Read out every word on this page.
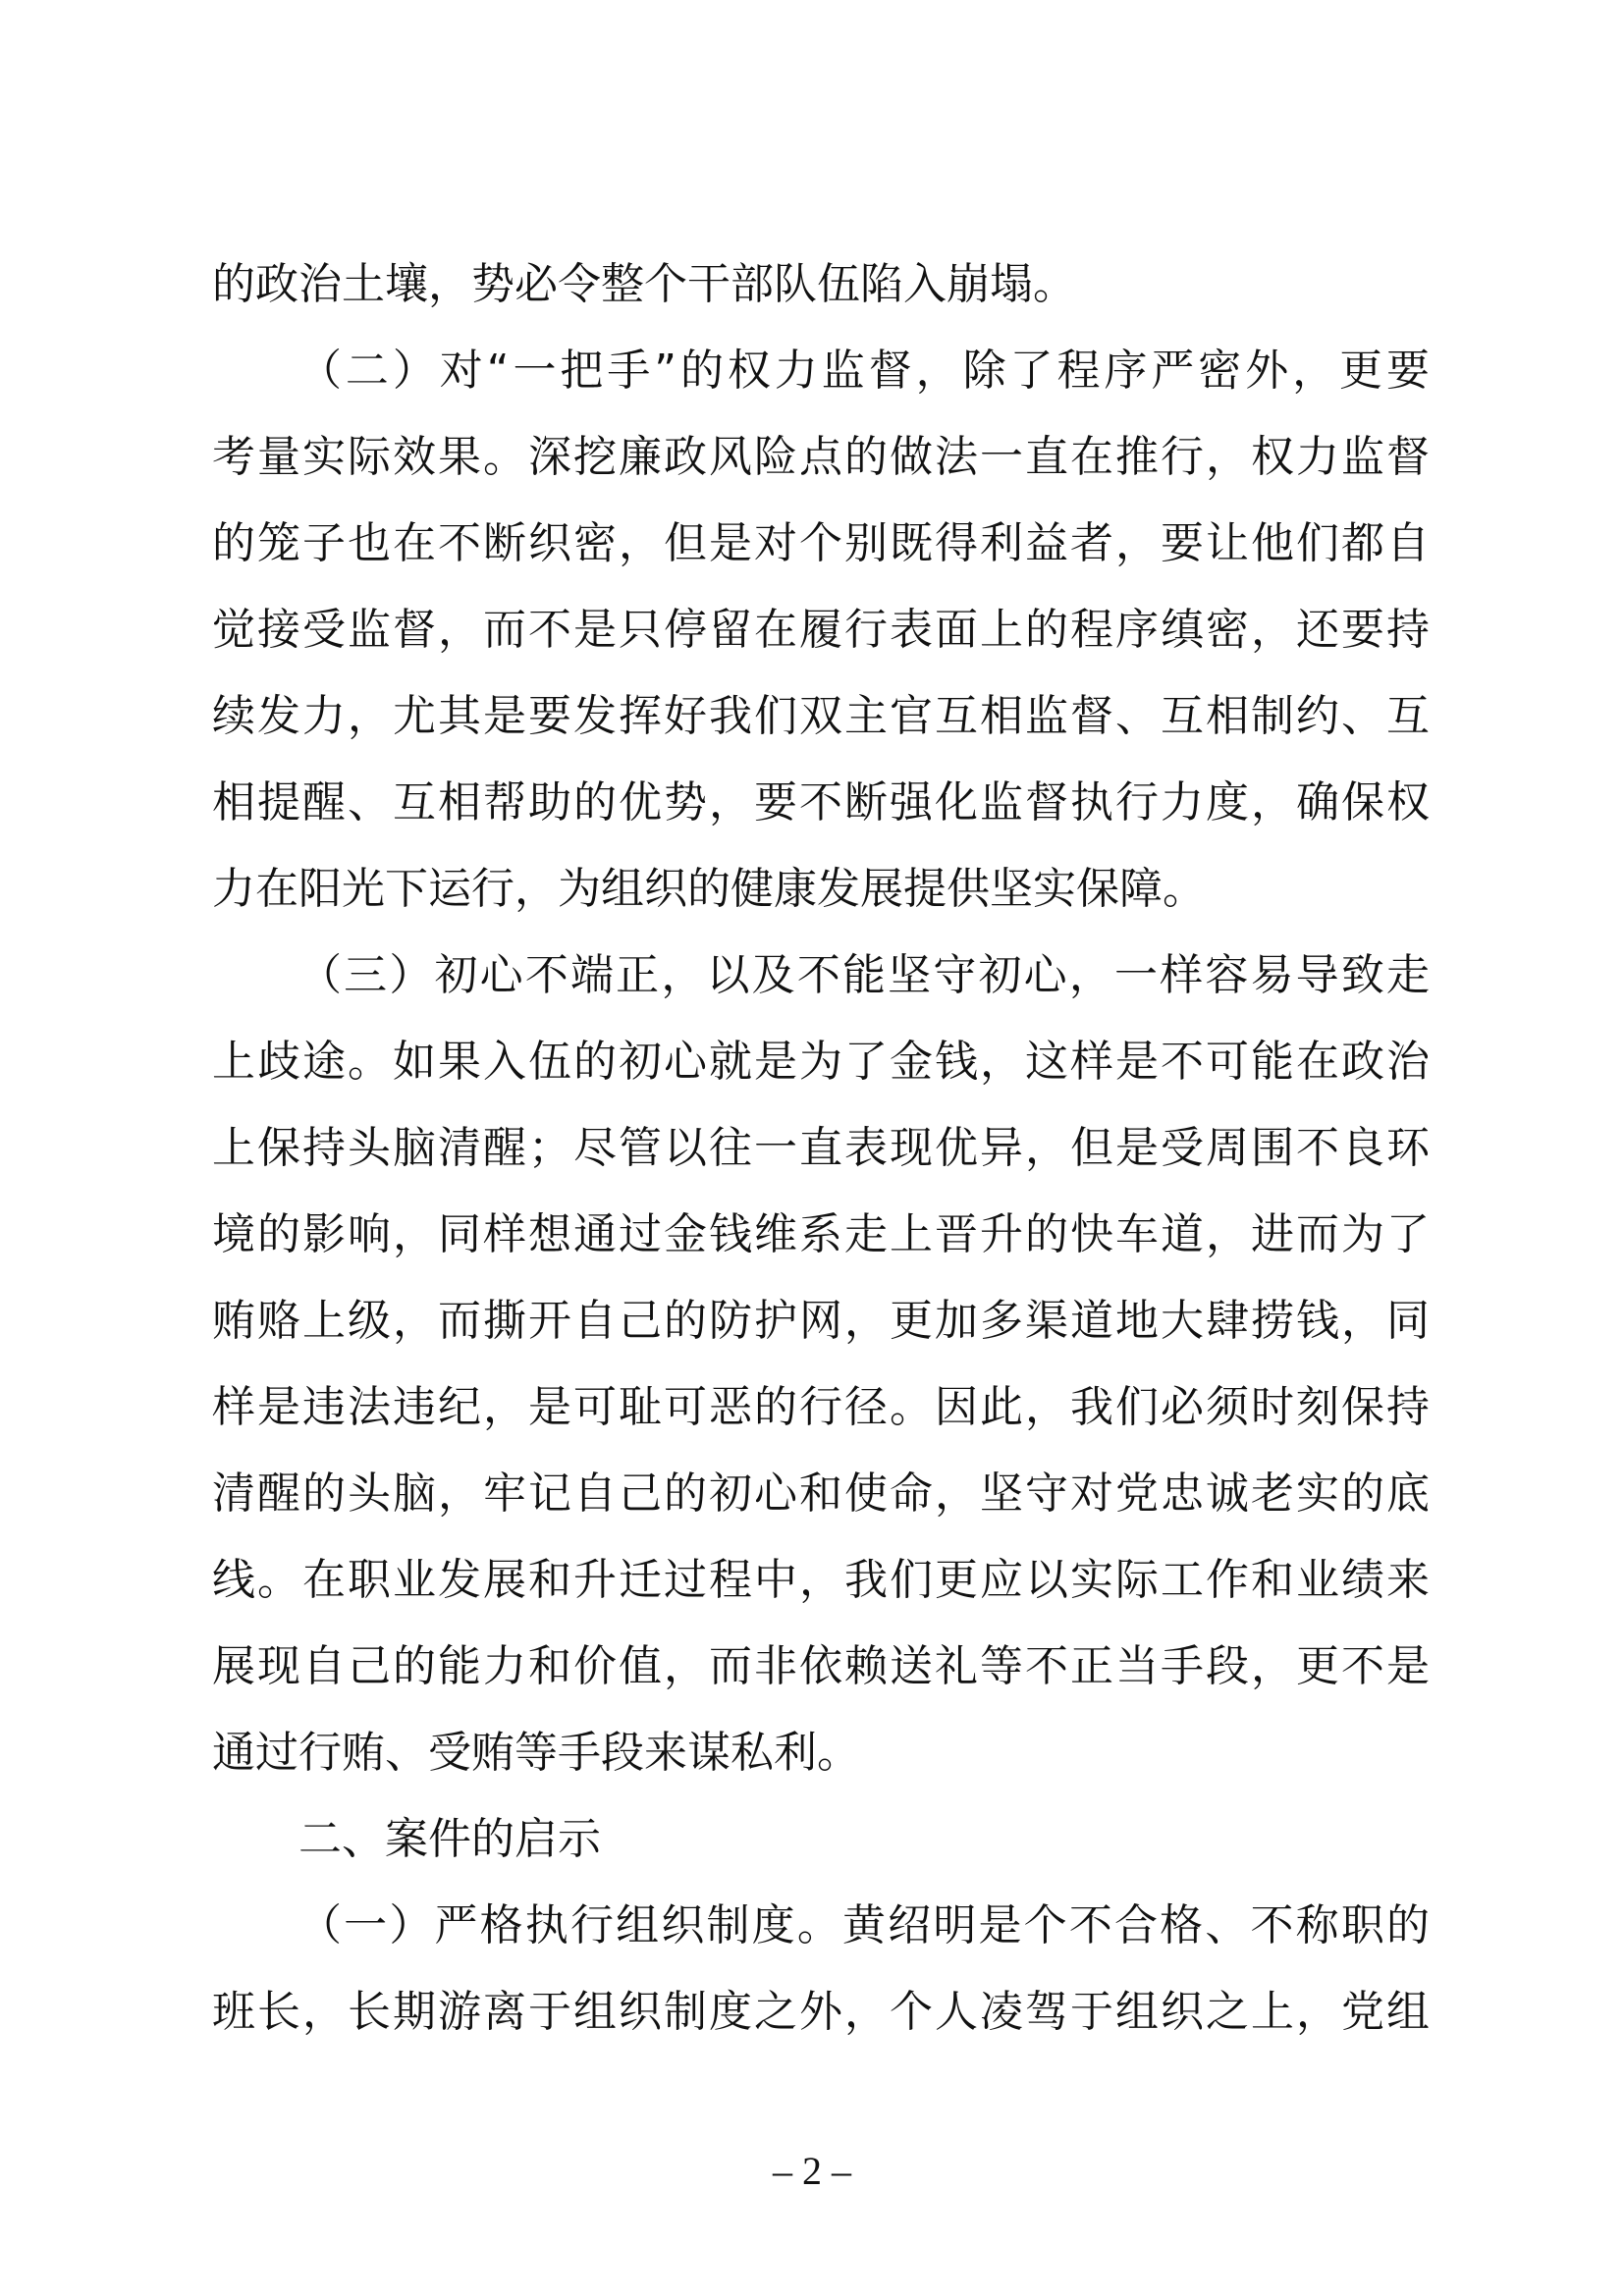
的政治土壤，势必令整个干部队伍陷入崩塌。
（二）对“一把手”的权力监督，除了程序严密外，更要
考量实际效果。深挖廉政风险点的做法一直在推行，权力监督
的笼子也在不断织密，但是对个别既得利益者，要让他们都自
觉接受监督，而不是只停留在履行表面上的程序缜密，还要持
续发力，尤其是要发挥好我们双主官互相监督、互相制约、互
相提醒、互相帮助的优势，要不断强化监督执行力度，确保权
力在阳光下运行，为组织的健康发展提供坚实保障。
（三）初心不端正，以及不能坚守初心，一样容易导致走
上歧途。如果入伍的初心就是为了金钱，这样是不可能在政治
上保持头脑清醒；尽管以往一直表现优异，但是受周围不良环
境的影响，同样想通过金钱维系走上晋升的快车道，进而为了
贿赂上级，而撕开自己的防护网，更加多渠道地大肆捞钱，同
样是违法违纪，是可耻可恶的行径。因此，我们必须时刻保持
清醒的头脑，牢记自己的初心和使命，坚守对党忠诚老实的底
线。在职业发展和升迁过程中，我们更应以实际工作和业绩来
展现自己的能力和价值，而非依赖送礼等不正当手段，更不是
通过行贿、受贿等手段来谋私利。
二、案件的启示
（一）严格执行组织制度。黄绍明是个不合格、不称职的
班长，长期游离于组织制度之外，个人凌驾于组织之上，党组
– 2 –
